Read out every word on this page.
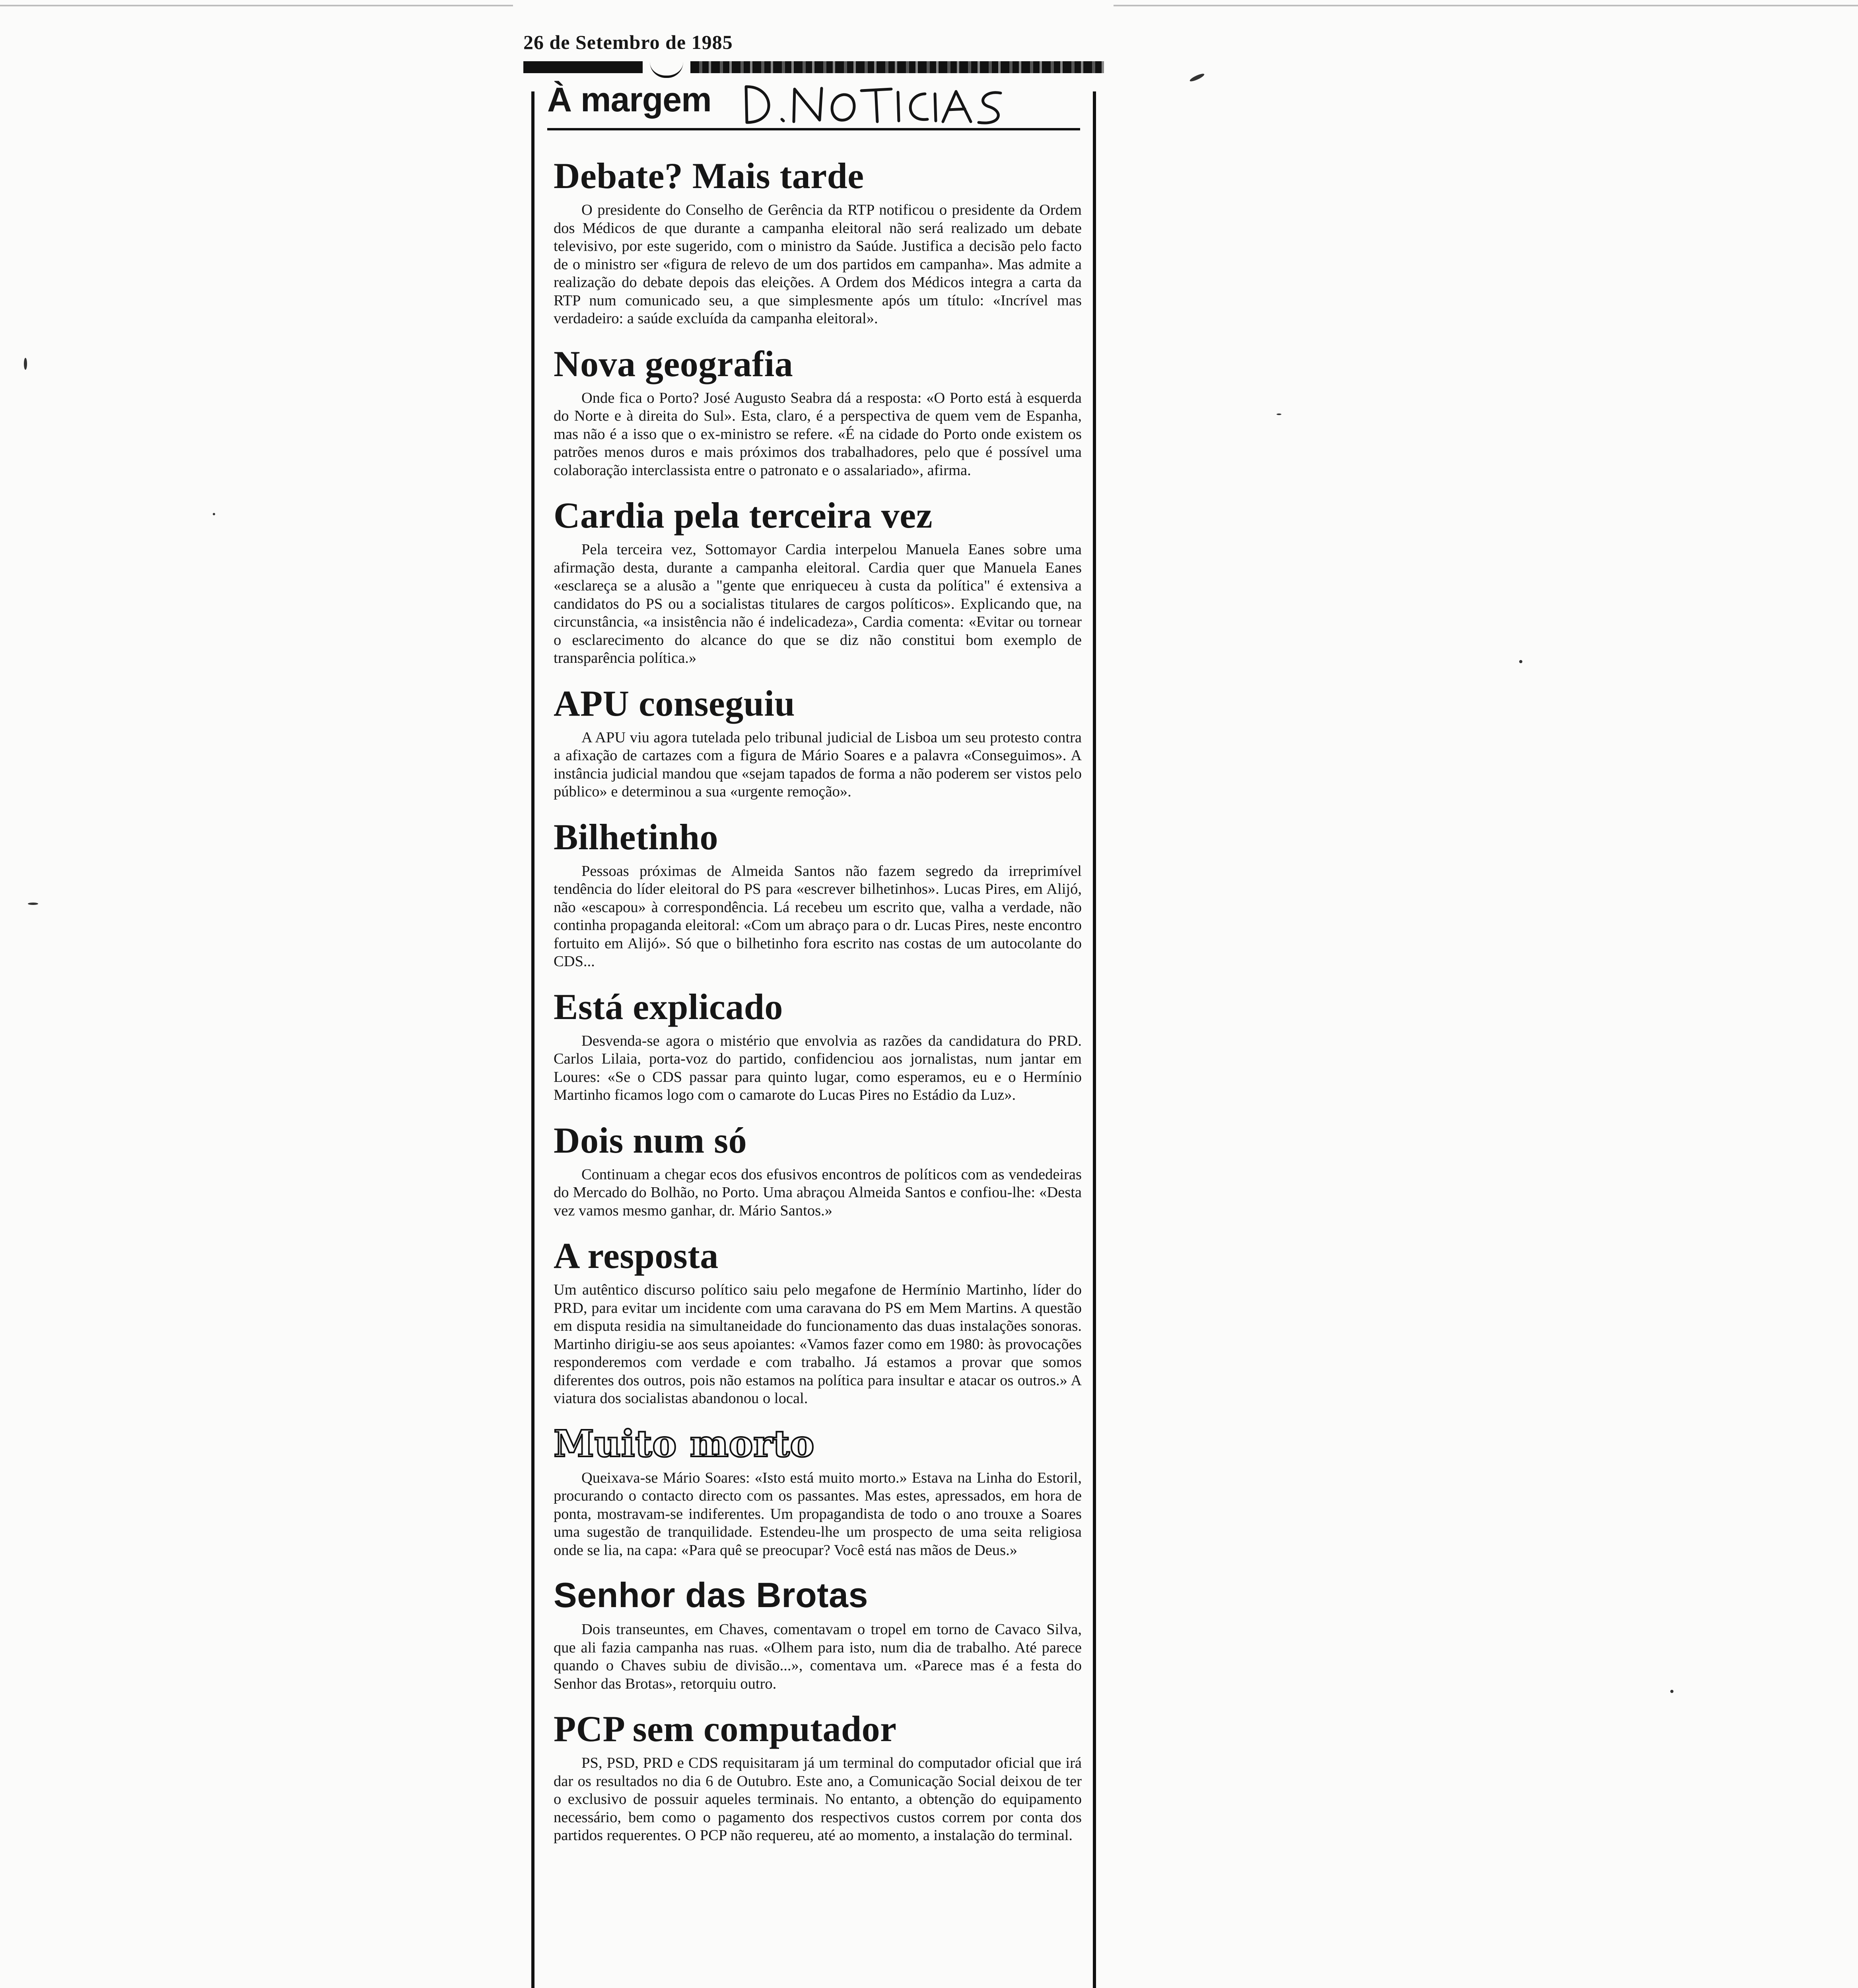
26 de Setembro de 1985
À margem
Debate? Mais tarde

O presidente do Conselho de Gerência da RTP notificou o presidente da Ordem dos Médicos de que durante a campanha eleitoral não será realizado um debate televisivo, por este sugerido, com o ministro da Saúde. Justifica a decisão pelo facto de o ministro ser «figura de relevo de um dos partidos em campanha». Mas admite a realização do debate depois das eleições. A Ordem dos Médicos integra a carta da RTP num comunicado seu, a que simplesmente após um título: «Incrível mas verdadeiro: a saúde excluída da campanha eleitoral».

Nova geografia

Onde fica o Porto? José Augusto Seabra dá a resposta: «O Porto está à esquerda do Norte e à direita do Sul». Esta, claro, é a perspectiva de quem vem de Espanha, mas não é a isso que o ex-ministro se refere. «É na cidade do Porto onde existem os patrões menos duros e mais próximos dos trabalhadores, pelo que é possível uma colaboração interclassista entre o patronato e o assalariado», afirma.

Cardia pela terceira vez

Pela terceira vez, Sottomayor Cardia interpelou Manuela Eanes sobre uma afirmação desta, durante a campanha eleitoral. Cardia quer que Manuela Eanes «esclareça se a alusão a "gente que enriqueceu à custa da política" é extensiva a candidatos do PS ou a socialistas titulares de cargos políticos». Explicando que, na circunstância, «a insistência não é indelicadeza», Cardia comenta: «Evitar ou tornear o esclarecimento do alcance do que se diz não constitui bom exemplo de transparência política.»

APU conseguiu

A APU viu agora tutelada pelo tribunal judicial de Lisboa um seu protesto contra a afixação de cartazes com a figura de Mário Soares e a palavra «Conseguimos». A instância judicial mandou que «sejam tapados de forma a não poderem ser vistos pelo público» e determinou a sua «urgente remoção».

Bilhetinho

Pessoas próximas de Almeida Santos não fazem segredo da irreprimível tendência do líder eleitoral do PS para «escrever bilhetinhos». Lucas Pires, em Alijó, não «escapou» à correspondência. Lá recebeu um escrito que, valha a verdade, não continha propaganda eleitoral: «Com um abraço para o dr. Lucas Pires, neste encontro fortuito em Alijó». Só que o bilhetinho fora escrito nas costas de um autocolante do CDS...

Está explicado

Desvenda-se agora o mistério que envolvia as razões da candidatura do PRD. Carlos Lilaia, porta-voz do partido, confidenciou aos jornalistas, num jantar em Loures: «Se o CDS passar para quinto lugar, como esperamos, eu e o Hermínio Martinho ficamos logo com o camarote do Lucas Pires no Estádio da Luz».

Dois num só

Continuam a chegar ecos dos efusivos encontros de políticos com as vendedeiras do Mercado do Bolhão, no Porto. Uma abraçou Almeida Santos e confiou-lhe: «Desta vez vamos mesmo ganhar, dr. Mário Santos.»

A resposta

Um autêntico discurso político saiu pelo megafone de Hermínio Martinho, líder do PRD, para evitar um incidente com uma caravana do PS em Mem Martins. A questão em disputa residia na simultaneidade do funcionamento das duas instalações sonoras. Martinho dirigiu-se aos seus apoiantes: «Vamos fazer como em 1980: às provocações responderemos com verdade e com trabalho. Já estamos a provar que somos diferentes dos outros, pois não estamos na política para insultar e atacar os outros.» A viatura dos socialistas abandonou o local.

Muito morto

Queixava-se Mário Soares: «Isto está muito morto.» Estava na Linha do Estoril, procurando o contacto directo com os passantes. Mas estes, apressados, em hora de ponta, mostravam-se indiferentes. Um propagandista de todo o ano trouxe a Soares uma sugestão de tranquilidade. Estendeu-lhe um prospecto de uma seita religiosa onde se lia, na capa: «Para quê se preocupar? Você está nas mãos de Deus.»

Senhor das Brotas

Dois transeuntes, em Chaves, comentavam o tropel em torno de Cavaco Silva, que ali fazia campanha nas ruas. «Olhem para isto, num dia de trabalho. Até parece quando o Chaves subiu de divisão...», comentava um. «Parece mas é a festa do Senhor das Brotas», retorquiu outro.

PCP sem computador

PS, PSD, PRD e CDS requisitaram já um terminal do computador oficial que irá dar os resultados no dia 6 de Outubro. Este ano, a Comunicação Social deixou de ter o exclusivo de possuir aqueles terminais. No entanto, a obtenção do equipamento necessário, bem como o pagamento dos respectivos custos correm por conta dos partidos requerentes. O PCP não requereu, até ao momento, a instalação do terminal.
